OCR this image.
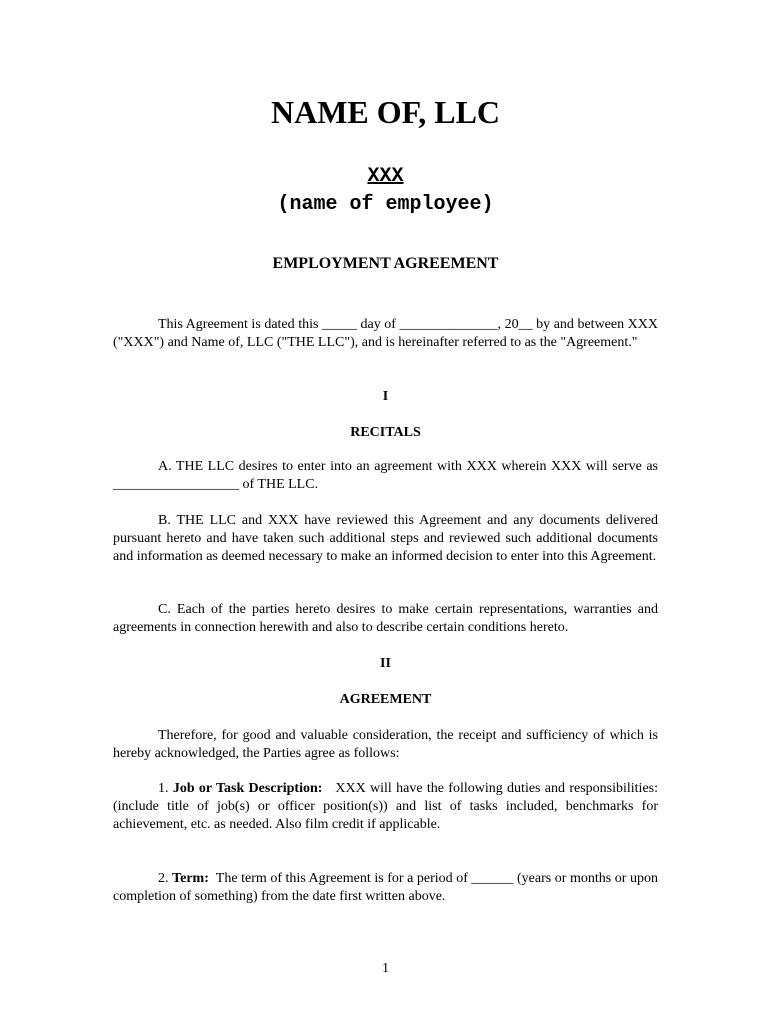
NAME OF, LLC
XXX
(name of employee)
EMPLOYMENT AGREEMENT

This Agreement is dated this _____ day of ______________, 20__ by and between XXX ("XXX") and Name of, LLC ("THE LLC"), and is hereinafter referred to as the "Agreement."

I
RECITALS

A. THE LLC desires to enter into an agreement with XXX wherein XXX will serve as __________________ of THE LLC.

B. THE LLC and XXX have reviewed this Agreement and any documents delivered pursuant hereto and have taken such additional steps and reviewed such additional documents and information as deemed necessary to make an informed decision to enter into this Agreement.

C. Each of the parties hereto desires to make certain representations, warranties and agreements in connection herewith and also to describe certain conditions hereto.

II
AGREEMENT

Therefore, for good and valuable consideration, the receipt and sufficiency of which is hereby acknowledged, the Parties agree as follows:

1. Job or Task Description: XXX will have the following duties and responsibilities: (include title of job(s) or officer position(s)) and list of tasks included, benchmarks for achievement, etc. as needed. Also film credit if applicable.

2. Term: The term of this Agreement is for a period of ______ (years or months or upon completion of something) from the date first written above.

1
